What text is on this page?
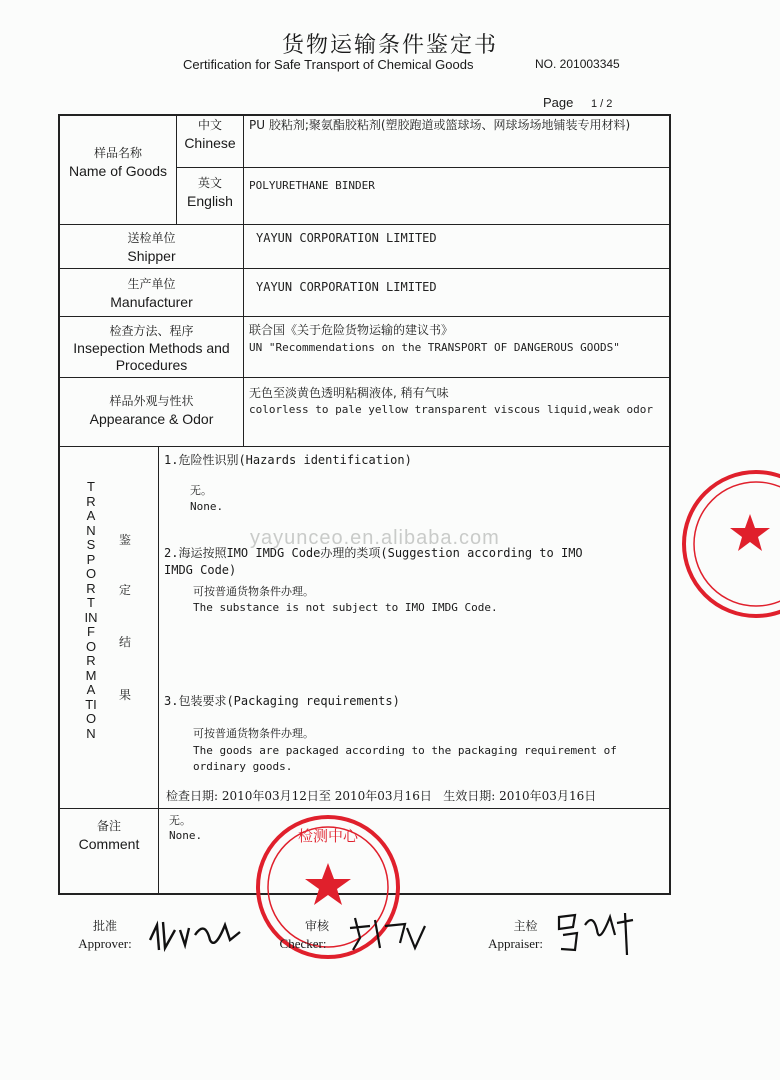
货物运输条件鉴定书
Certification for Safe Transport of Chemical Goods	NO. 201003345
Page 1 / 2
样品名称
Name of Goods
中文
Chinese
PU 胶粘剂;聚氨酯胶粘剂(塑胶跑道或篮球场、网球场场地铺装专用材料)
英文
English
POLYURETHANE BINDER
送检单位
Shipper
YAYUN CORPORATION LIMITED
生产单位
Manufacturer
YAYUN CORPORATION LIMITED
检查方法、程序
Insepection Methods and Procedures
联合国《关于危险货物运输的建议书》
UN "Recommendations on the TRANSPORT OF DANGEROUS GOODS"
样品外观与性状
Appearance & Odor
无色至淡黄色透明粘稠液体, 稍有气味
colorless to pale yellow transparent viscous liquid,weak odor
TRANSPORT INFORMATION
鉴
定
结
果
1.危险性识别(Hazards identification)
无。
None.
2.海运按照IMO IMDG Code办理的类项(Suggestion according to IMO IMDG Code)
可按普通货物条件办理。
The substance is not subject to IMO IMDG Code.
3.包装要求(Packaging requirements)
可按普通货物条件办理。
The goods are packaged according to the packaging requirement of ordinary goods.
检查日期: 2010年03月12日至 2010年03月16日   生效日期: 2010年03月16日
备注
Comment
无。
None.
yayunceo.en.alibaba.com
检测中心
批准
Approver:
审核
Checker:
主检
Appraiser:
